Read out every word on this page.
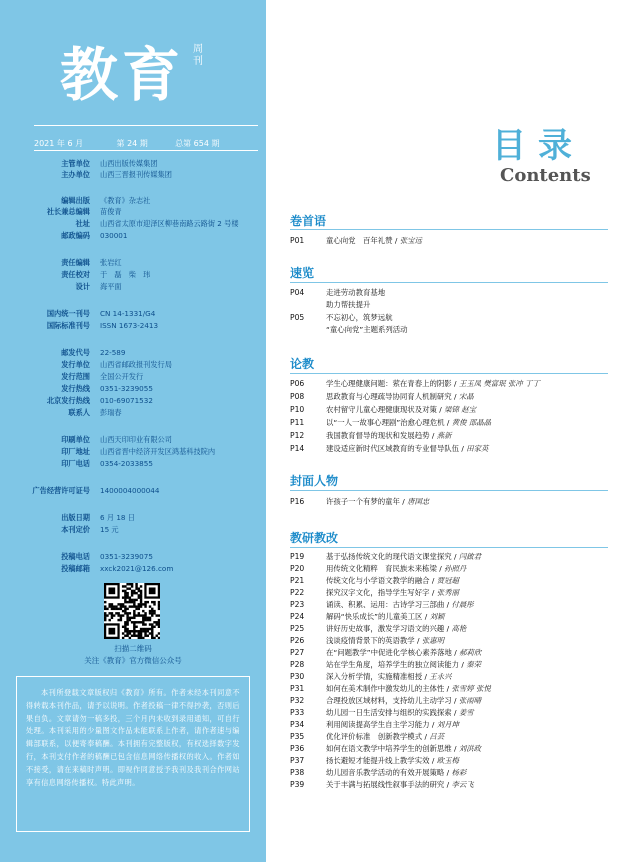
教育 周刊
2021 年 6 月	第 24 期	总第 654 期
主管单位 山西出版传媒集团
主办单位 山西三晋报刊传媒集团
编辑出版 《教育》杂志社
社长兼总编辑 苗俊青
社址 山西省太原市迎泽区柳巷南路云路街 2 号楼
邮政编码 030001
责任编辑 张岩红
责任校对 于　磊　柴　玮
设计 海平面
国内统一刊号 CN 14-1331/G4
国际标准刊号 ISSN 1673-2413
邮发代号 22-589
发行单位 山西省邮政报刊发行局
发行范围 全国公开发行
发行热线 0351-3239055
北京发行热线 010-69071532
联系人 彭瑞春
印刷单位 山西天印印业有限公司
印厂地址 山西省晋中经济开发区鸿基科技院内
印厂电话 0354-2033855
广告经营许可证号 1400004000044
出版日期 6 月 18 日
本刊定价 15 元
投稿电话 0351-3239075
投稿邮箱 xxck2021@126.com
扫描二维码
关注《教育》官方微信公众号
本刊所登载文章版权归《教育》所有。作者未经本刊同意不得转载本刊作品，请予以说明。作者投稿一律不得抄袭，否则后果自负。文章请勿一稿多投，三个月内未收到录用通知，可自行处理。本刊采用的少量图文作品未能联系上作者，请作者速与编辑部联系，以便寄奉稿酬。本刊拥有完整版权，有权选择数字发行，本刊支付作者的稿酬已包含信息网络传播权的收入。作者如不接受，请在来稿时声明。即视作同意授予我刊及我刊合作网站享有信息网络传播权。特此声明。
目录
Contents
卷首语
P01	童心向党　百年礼赞 / 张宝远
速览
P04	走进劳动教育基地
助力帮扶提升
P05	不忘初心，筑梦远航
“童心向党”主题系列活动
论教
P06	学生心理健康问题：萦在青春上的阴影 / 王玉凤 樊富珉 张冲 丁丁
P08	思政教育与心理疏导协同育人机制研究 / 宋晶
P10	农村留守儿童心理健康现状及对策 / 梁锦 赵宝
P11	以“一人一故事心理剧”治愈心理危机 / 黄俊 邵晶晶
P12	我国教育督导的现状和发展趋势 / 燕新
P14	建设适应新时代区域教育的专业督导队伍 / 田家英
封面人物
P16	许孩子一个有梦的童年 / 唐国忠
教研教改
P19	基于弘扬传统文化的现代语文课堂探究 / 闫啟君
P20	用传统文化精粹　育民族未来栋梁 / 孙照丹
P21	传统文化与小学语文教学的融合 / 贾冠超
P22	探究汉字文化，指导学生写好字 / 张秀丽
P23	诵读、积累、运用：古诗学习三部曲 / 付晨彤
P24	解码“快乐成长”的儿童美工区 / 刘颖
P25	讲好历史故事，激发学习语文的兴趣 / 高艳
P26	浅谈疫情背景下的英语教学 / 张惠明
P27	在“问题教学”中促进化学核心素养落地 / 郝莉欣
P28	站在学生角度，培养学生的独立阅读能力 / 秦荣
P30	深入分析学情，实施精准相授 / 王永兴
P31	如何在美术制作中激发幼儿的主体性 / 张雪婷 张悦
P32	合理投放区域材料，支持幼儿主动学习 / 张雨晴
P33	幼儿园一日生活安排与组织的实践探索 / 姜雪
P34	利用阅读提高学生自主学习能力 / 刘月坤
P35	优化评价标准　创新教学模式 / 吕芸
P36	如何在语文教学中培养学生的创新思维 / 刘洪政
P37	扬长避短才能提升线上教学实效 / 欧玉梅
P38	幼儿园音乐教学活动的有效开展策略 / 杨彩
P39	关于丰满与拓展线性叙事手法的研究 / 李云飞
